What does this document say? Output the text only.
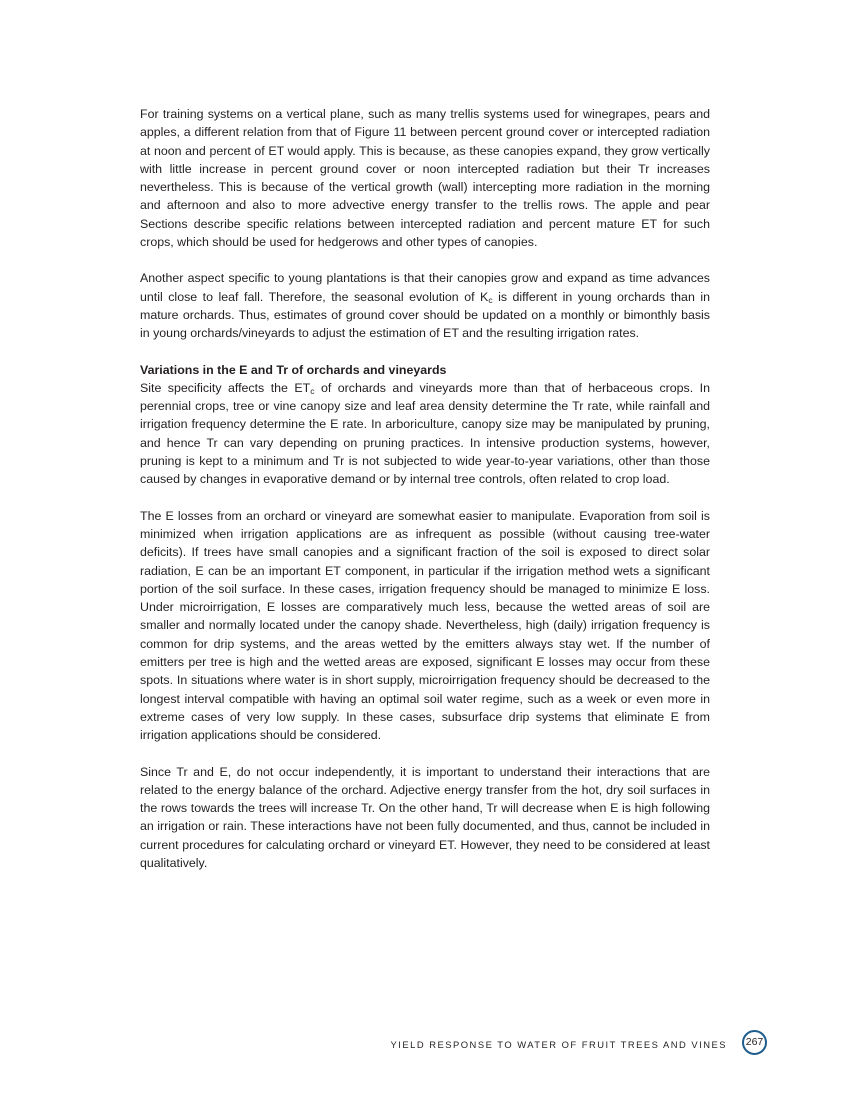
For training systems on a vertical plane, such as many trellis systems used for winegrapes, pears and apples, a different relation from that of Figure 11 between percent ground cover or intercepted radiation at noon and percent of ET would apply. This is because, as these canopies expand, they grow vertically with little increase in percent ground cover or noon intercepted radiation but their Tr increases nevertheless. This is because of the vertical growth (wall) intercepting more radiation in the morning and afternoon and also to more advective energy transfer to the trellis rows. The apple and pear Sections describe specific relations between intercepted radiation and percent mature ET for such crops, which should be used for hedgerows and other types of canopies.

Another aspect specific to young plantations is that their canopies grow and expand as time advances until close to leaf fall. Therefore, the seasonal evolution of $K_c$ is different in young orchards than in mature orchards. Thus, estimates of ground cover should be updated on a monthly or bimonthly basis in young orchards/vineyards to adjust the estimation of ET and the resulting irrigation rates.

Variations in the E and Tr of orchards and vineyards

Site specificity affects the $ET_c$ of orchards and vineyards more than that of herbaceous crops. In perennial crops, tree or vine canopy size and leaf area density determine the Tr rate, while rainfall and irrigation frequency determine the E rate. In arboriculture, canopy size may be manipulated by pruning, and hence Tr can vary depending on pruning practices. In intensive production systems, however, pruning is kept to a minimum and Tr is not subjected to wide year-to-year variations, other than those caused by changes in evaporative demand or by internal tree controls, often related to crop load.

The E losses from an orchard or vineyard are somewhat easier to manipulate. Evaporation from soil is minimized when irrigation applications are as infrequent as possible (without causing tree-water deficits). If trees have small canopies and a significant fraction of the soil is exposed to direct solar radiation, E can be an important ET component, in particular if the irrigation method wets a significant portion of the soil surface. In these cases, irrigation frequency should be managed to minimize E loss. Under microirrigation, E losses are comparatively much less, because the wetted areas of soil are smaller and normally located under the canopy shade. Nevertheless, high (daily) irrigation frequency is common for drip systems, and the areas wetted by the emitters always stay wet. If the number of emitters per tree is high and the wetted areas are exposed, significant E losses may occur from these spots. In situations where water is in short supply, microirrigation frequency should be decreased to the longest interval compatible with having an optimal soil water regime, such as a week or even more in extreme cases of very low supply. In these cases, subsurface drip systems that eliminate E from irrigation applications should be considered.

Since Tr and E, do not occur independently, it is important to understand their interactions that are related to the energy balance of the orchard. Adjective energy transfer from the hot, dry soil surfaces in the rows towards the trees will increase Tr. On the other hand, Tr will decrease when E is high following an irrigation or rain. These interactions have not been fully documented, and thus, cannot be included in current procedures for calculating orchard or vineyard ET. However, they need to be considered at least qualitatively.

YIELD RESPONSE TO WATER OF FRUIT TREES AND VINES	267
